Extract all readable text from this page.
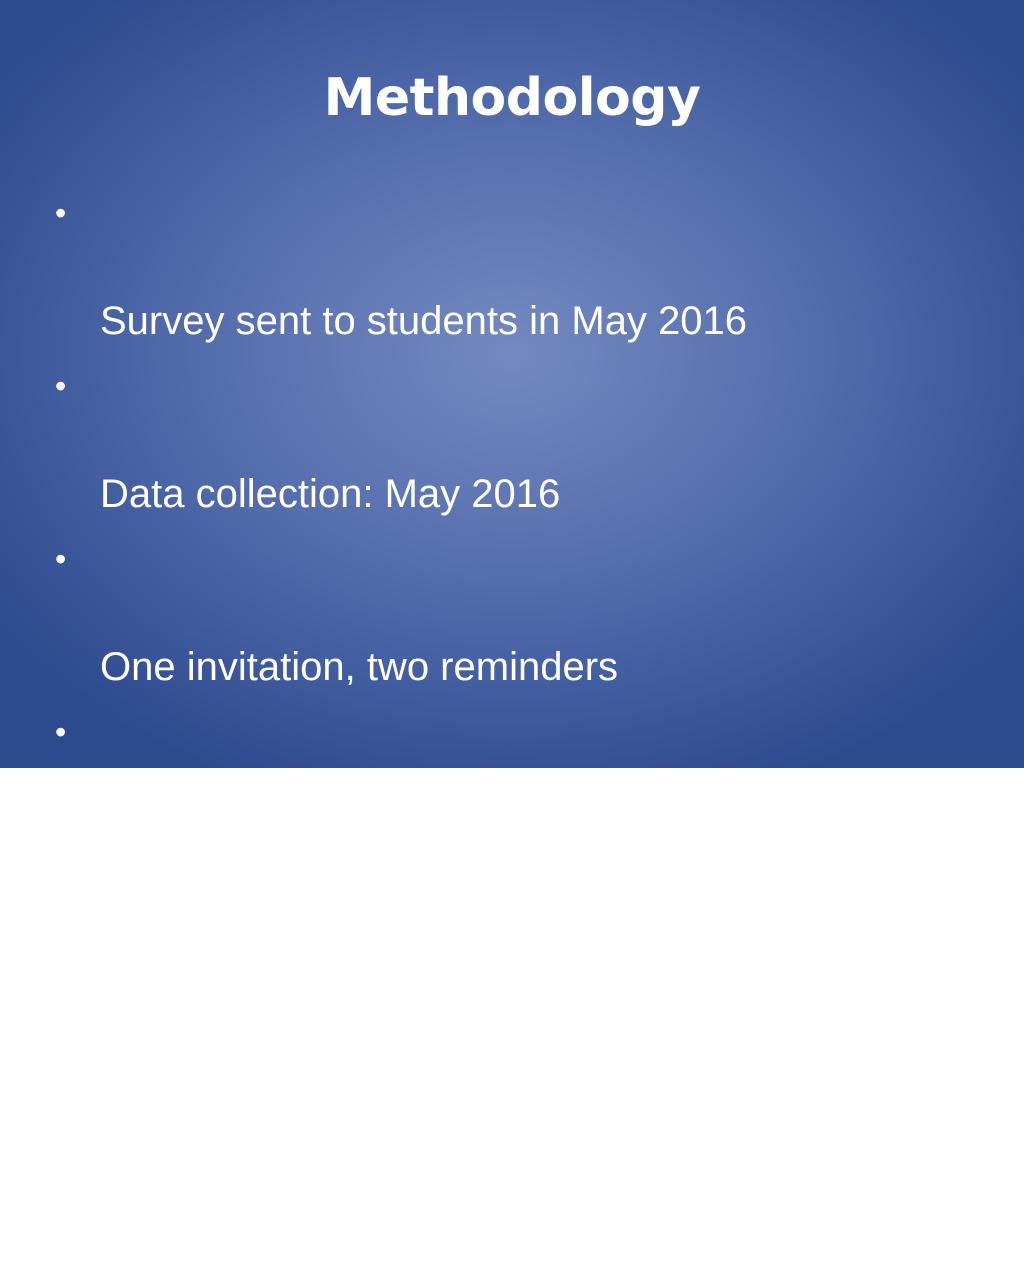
Methodology

•

Survey sent to students in May 2016

•

Data collection: May 2016

•

One invitation, two reminders

•

Target population: students applying
for graduation during spring semester

–

N=1,567 students

–

Survey invitation sent via email to 1,565
students
